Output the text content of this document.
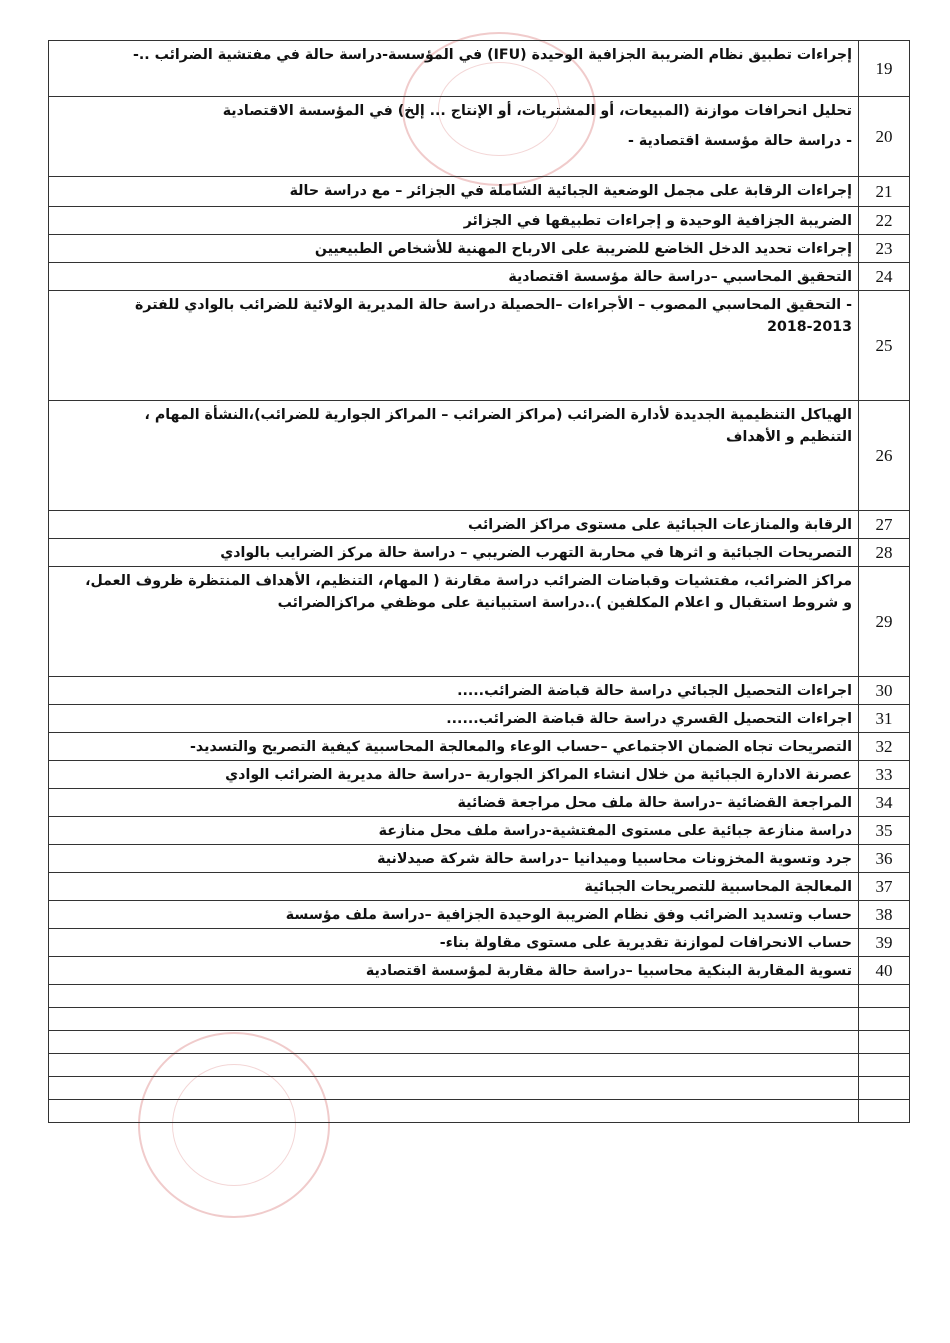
19	إجراءات تطبيق نظام الضريبة الجزافية الوحيدة (IFU) في المؤسسة-دراسة حالة في مفتشية الضرائب ..-

20	تحليل انحرافات موازنة (المبيعات، أو المشتريات، أو الإنتاج ... إلخ) في المؤسسة الاقتصادية
- دراسة حالة مؤسسة اقتصادية -

21	إجراءات الرقابة على مجمل الوضعية الجبائية الشاملة في الجزائر – مع دراسة حالة

22	الضريبة الجزافية الوحيدة و إجراءات تطبيقها في الجزائر

23	إجراءات تحديد الدخل الخاضع للضريبة على الارباح المهنية للأشخاص الطبيعيين

24	التحقيق المحاسبي –دراسة حالة مؤسسة اقتصادية

25	- التحقيق المحاسبي المصوب – الأجراءات –الحصيلة دراسة حالة المديرية الولائية للضرائب بالوادي للفترة
2018-2013

26	الهياكل التنظيمية الجديدة لأدارة الضرائب (مراكز الضرائب – المراكز الجوارية للضرائب)،النشأة المهام ،
التنظيم و الأهداف

27	الرقابة والمنازعات الجبائية على مستوى مراكز الضرائب

28	التصريحات الجبائية و اثرها في محاربة التهرب الضريبي – دراسة حالة مركز الضرايب بالوادي

29	مراكز الضرائب، مفتشيات وقباضات الضرائب دراسة مقارنة ( المهام، التنظيم، الأهداف المنتظرة ظروف العمل،
و شروط استقبال و اعلام المكلفين )..دراسة استبيانية على موظفي مراكزالضرائب

30	اجراءات التحصيل الجبائي دراسة حالة قباضة الضرائب.....

31	اجراءات التحصيل القسري دراسة حالة قباضة الضرائب......

32	التصريحات تجاه الضمان الاجتماعي –حساب الوعاء والمعالجة المحاسبية كيفية التصريح والتسديد-

33	عصرنة الادارة الجبائية من خلال انشاء المراكز الجوارية –دراسة حالة مديرية الضرائب الوادي

34	المراجعة القضائية –دراسة حالة ملف محل مراجعة قضائية

35	دراسة منازعة جبائية على مستوى المفتشية-دراسة ملف محل منازعة

36	جرد وتسوية المخزونات محاسبيا وميدانيا –دراسة حالة شركة صيدلانية

37	المعالجة المحاسبية للتصريحات الجبائية

38	حساب وتسديد الضرائب وفق نظام الضريبة الوحيدة الجزافية –دراسة ملف مؤسسة

39	حساب الانحرافات لموازنة تقديرية على مستوى مقاولة بناء-

40	تسوية المقاربة البنكية محاسبيا –دراسة حالة مقاربة لمؤسسة اقتصادية
